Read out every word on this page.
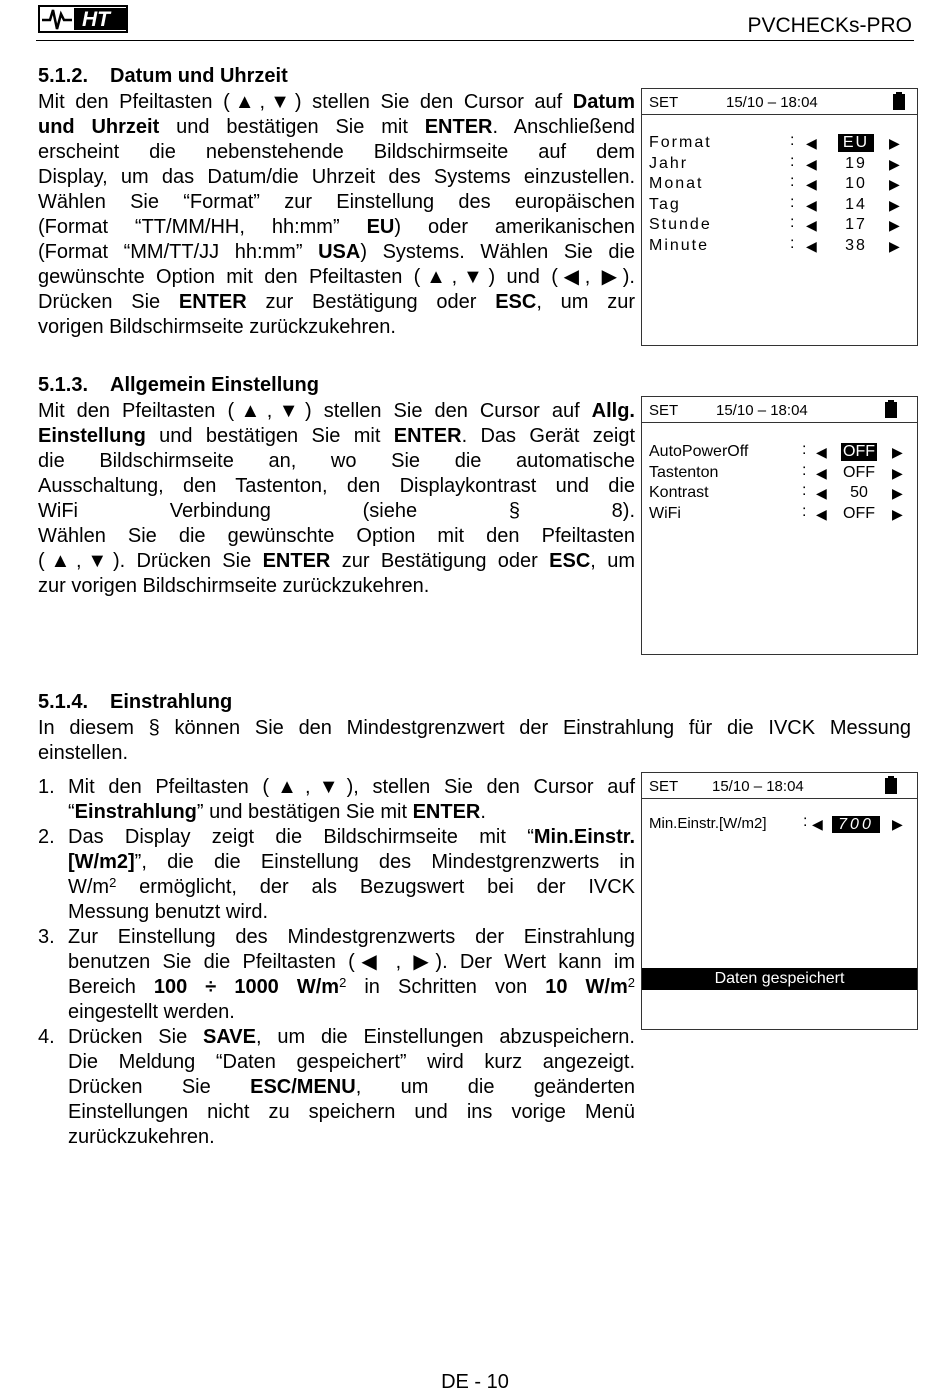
HT	PVCHECKs-PRO
5.1.2. Datum und Uhrzeit
Mit den Pfeiltasten (▲,▼) stellen Sie den Cursor auf Datum
und Uhrzeit und bestätigen Sie mit ENTER. Anschließend
erscheint die nebenstehende Bildschirmseite auf dem
Display, um das Datum/die Uhrzeit des Systems einzustellen.
Wählen Sie “Format” zur Einstellung des europäischen
(Format “TT/MM/HH, hh:mm” EU) oder amerikanischen
(Format “MM/TT/JJ hh:mm” USA) Systems. Wählen Sie die
gewünschte Option mit den Pfeiltasten (▲,▼) und (◀, ▶).
Drücken Sie ENTER zur Bestätigung oder ESC, um zur
vorigen Bildschirmseite zurückzukehren.
SET	15/10 – 18:04
Format	: ◀	EU	▶
Jahr	: ◀	19	▶
Monat	: ◀	10	▶
Tag	: ◀	14	▶
Stunde	: ◀	17	▶
Minute	: ◀	38	▶
5.1.3. Allgemein Einstellung
Mit den Pfeiltasten (▲,▼) stellen Sie den Cursor auf Allg.
Einstellung und bestätigen Sie mit ENTER. Das Gerät zeigt
die Bildschirmseite an, wo Sie die automatische
Ausschaltung, den Tastenton, den Displaykontrast und die
WiFi Verbindung (siehe § 8).
Wählen Sie die gewünschte Option mit den Pfeiltasten
(▲,▼). Drücken Sie ENTER zur Bestätigung oder ESC, um
zur vorigen Bildschirmseite zurückzukehren.
SET	15/10 – 18:04
AutoPowerOff	: ◀ OFF ▶
Tastenton	: ◀ OFF ▶
Kontrast	: ◀	50	▶
WiFi	: ◀ OFF ▶
5.1.4. Einstrahlung
In diesem § können Sie den Mindestgrenzwert der Einstrahlung für die IVCK Messung
einstellen.
1. Mit den Pfeiltasten (▲,▼), stellen Sie den Cursor auf
“Einstrahlung” und bestätigen Sie mit ENTER.
2. Das Display zeigt die Bildschirmseite mit “Min.Einstr.
[W/m2]”, die die Einstellung des Mindestgrenzwerts in
$W/m^2$ ermöglicht, der als Bezugswert bei der IVCK
Messung benutzt wird.
3. Zur Einstellung des Mindestgrenzwerts der Einstrahlung
benutzen Sie die Pfeiltasten (◀ , ▶). Der Wert kann im
Bereich 100 ÷ 1000 $W/m^2$ in Schritten von 10 $W/m^2$
eingestellt werden.
4. Drücken Sie SAVE, um die Einstellungen abzuspeichern.
Die Meldung “Daten gespeichert” wird kurz angezeigt.
Drücken Sie ESC/MENU, um die geänderten
Einstellungen nicht zu speichern und ins vorige Menü
zurückzukehren.
SET 15/10 – 18:04
Min.Einstr.[W/m2] : ◀ 700	▶
Daten gespeichert
DE - 10
